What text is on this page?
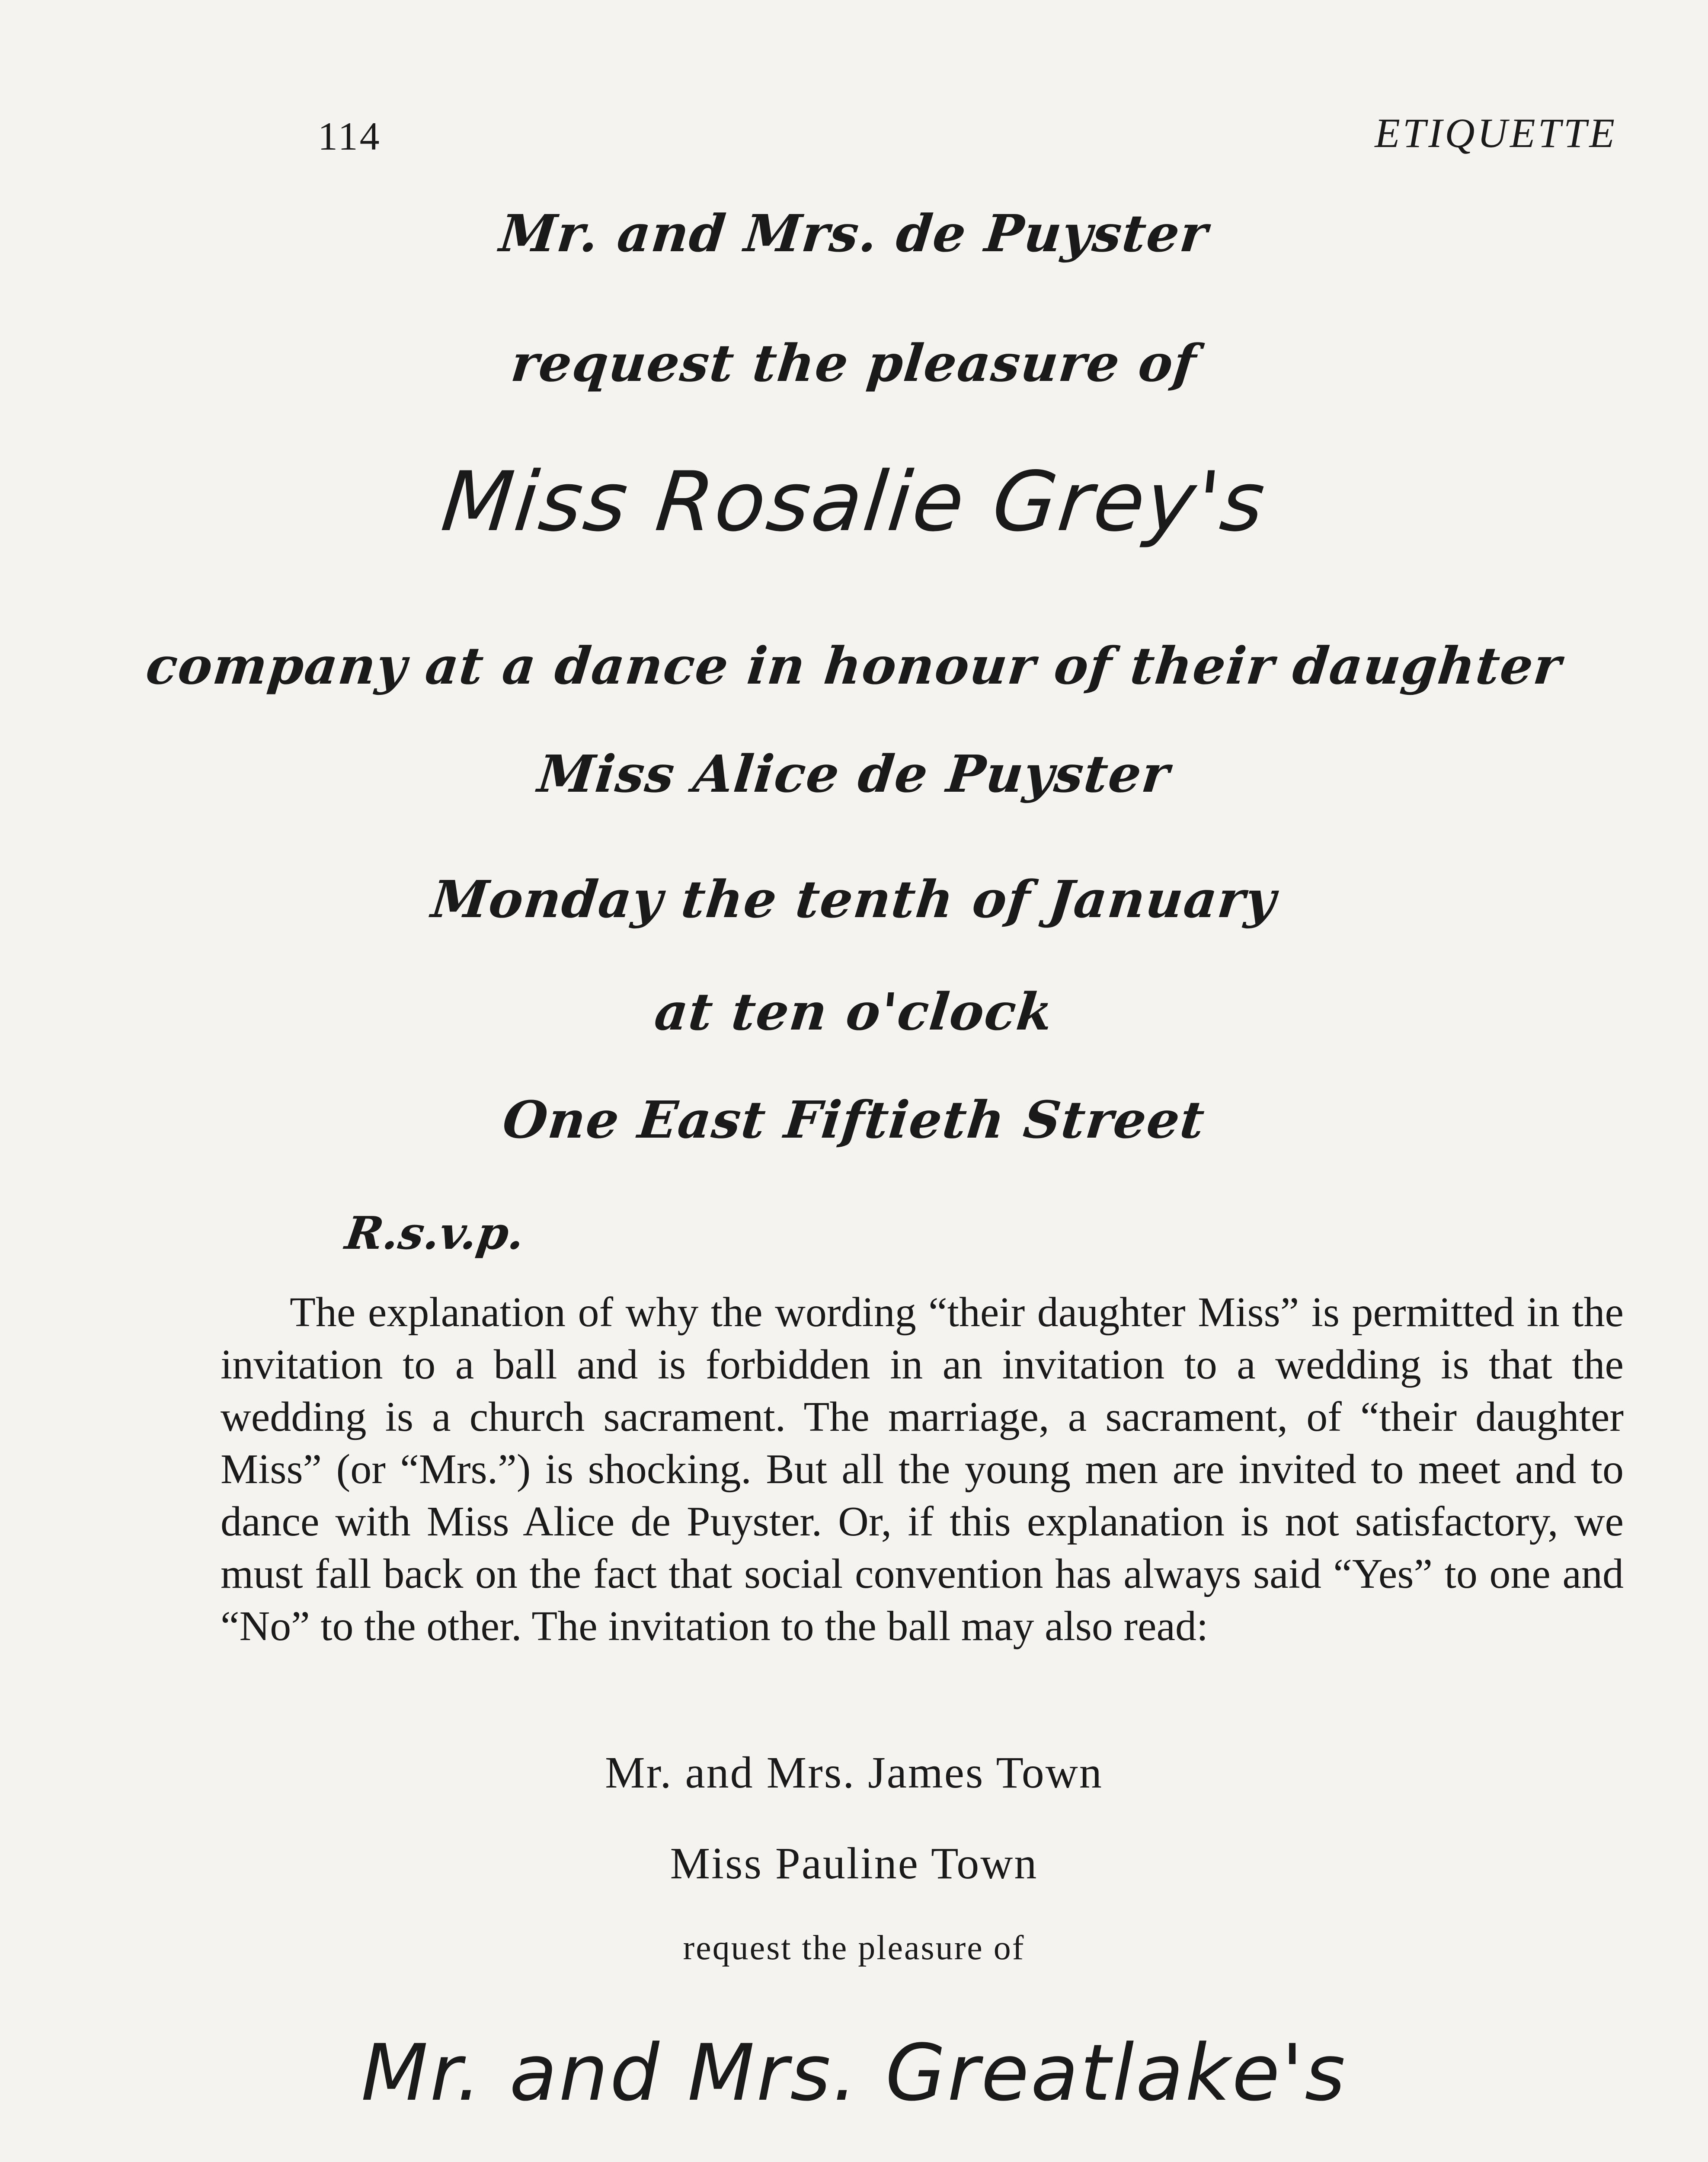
114	ETIQUETTE
Mr. and Mrs. de Puyster
request the pleasure of
Miss Rosalie Grey's
company at a dance in honour of their daughter
Miss Alice de Puyster
Monday the tenth of January
at ten o'clock
One East Fiftieth Street
R.s.v.p.

The explanation of why the wording “their daughter Miss” is permitted in the invitation to a ball and is forbidden in an invitation to a wedding is that the wedding is a church sacrament. The marriage, a sacrament, of “their daughter Miss” (or “Mrs.”) is shocking. But all the young men are invited to meet and to dance with Miss Alice de Puyster. Or, if this explanation is not satisfactory, we must fall back on the fact that social convention has always said “Yes” to one and “No” to the other. The invitation to the ball may also read:

Mr. and Mrs. James Town
Miss Pauline Town
request the pleasure of
Mr. and Mrs. Greatlake's
